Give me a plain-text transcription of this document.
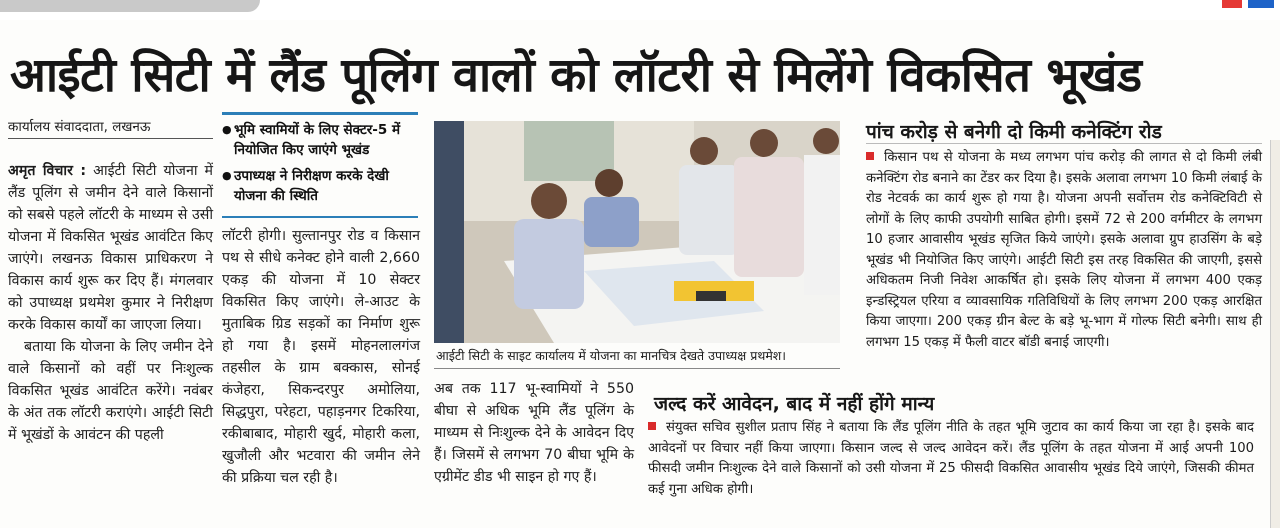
आईटी सिटी में लैंड पूलिंग वालों को लॉटरी से मिलेंगे विकसित भूखंड
कार्यालय संवाददाता, लखनऊ

अमृत विचार : आईटी सिटी योजना में लैंड पूलिंग से जमीन देने वाले किसानों को सबसे पहले लॉटरी के माध्यम से उसी योजना में विकसित भूखंड आवंटित किए जाएंगे। लखनऊ विकास प्राधिकरण ने विकास कार्य शुरू कर दिए हैं। मंगलवार को उपाध्यक्ष प्रथमेश कुमार ने निरीक्षण करके विकास कार्यों का जाएजा लिया।

बताया कि योजना के लिए जमीन देने वाले किसानों को वहीं पर निःशुल्क विकसित भूखंड आवंटित करेंगे। नवंबर के अंत तक लॉटरी कराएंगे। आईटी सिटी में भूखंडों के आवंटन की पहली

● भूमि स्वामियों के लिए सेक्टर-5 में नियोजित किए जाएंगे भूखंड
● उपाध्यक्ष ने निरीक्षण करके देखी योजना की स्थिति
लॉटरी होगी। सुल्तानपुर रोड व किसान पथ से सीधे कनेक्ट होने वाली 2,660 एकड़ की योजना में 10 सेक्टर विकसित किए जाएंगे। ले-आउट के मुताबिक ग्रिड सड़कों का निर्माण शुरू हो गया है। इसमें मोहनलालगंज तहसील के ग्राम बक्कास, सोनई कंजेहरा, सिकन्दरपुर अमोलिया, सिद्धपुरा, परेहटा, पहाड़नगर टिकरिया, रकीबाबाद, मोहारी खुर्द, मोहारी कला, खुजौली और भटवारा की जमीन लेने की प्रक्रिया चल रही है।
आईटी सिटी के साइट कार्यालय में योजना का मानचित्र देखते उपाध्यक्ष प्रथमेश।
अब तक 117 भू-स्वामियों ने 550 बीघा से अधिक भूमि लैंड पूलिंग के माध्यम से निःशुल्क देने के आवेदन दिए हैं। जिसमें से लगभग 70 बीघा भूमि के एग्रीमेंट डीड भी साइन हो गए हैं।
पांच करोड़ से बनेगी दो किमी कनेक्टिंग रोड
किसान पथ से योजना के मध्य लगभग पांच करोड़ की लागत से दो किमी लंबी कनेक्टिंग रोड बनाने का टेंडर कर दिया है। इसके अलावा लगभग 10 किमी लंबाई के रोड नेटवर्क का कार्य शुरू हो गया है। योजना अपनी सर्वोत्तम रोड कनेक्टिविटी से लोगों के लिए काफी उपयोगी साबित होगी। इसमें 72 से 200 वर्गमीटर के लगभग 10 हजार आवासीय भूखंड सृजित किये जाएंगे। इसके अलावा ग्रुप हाउसिंग के बड़े भूखंड भी नियोजित किए जाएंगे। आईटी सिटी इस तरह विकसित की जाएगी, इससे अधिकतम निजी निवेश आकर्षित हो। इसके लिए योजना में लगभग 400 एकड़ इन्डस्ट्रियल एरिया व व्यावसायिक गतिविधियों के लिए लगभग 200 एकड़ आरक्षित किया जाएगा। 200 एकड़ ग्रीन बेल्ट के बड़े भू-भाग में गोल्फ सिटी बनेगी। साथ ही लगभग 15 एकड़ में फैली वाटर बॉडी बनाई जाएगी।
जल्द करें आवेदन, बाद में नहीं होंगे मान्य
संयुक्त सचिव सुशील प्रताप सिंह ने बताया कि लैंड पूलिंग नीति के तहत भूमि जुटाव का कार्य किया जा रहा है। इसके बाद आवेदनों पर विचार नहीं किया जाएगा। किसान जल्द से जल्द आवेदन करें। लैंड पूलिंग के तहत योजना में आई अपनी 100 फीसदी जमीन निःशुल्क देने वाले किसानों को उसी योजना में 25 फीसदी विकसित आवासीय भूखंड दिये जाएंगे, जिसकी कीमत कई गुना अधिक होगी।
